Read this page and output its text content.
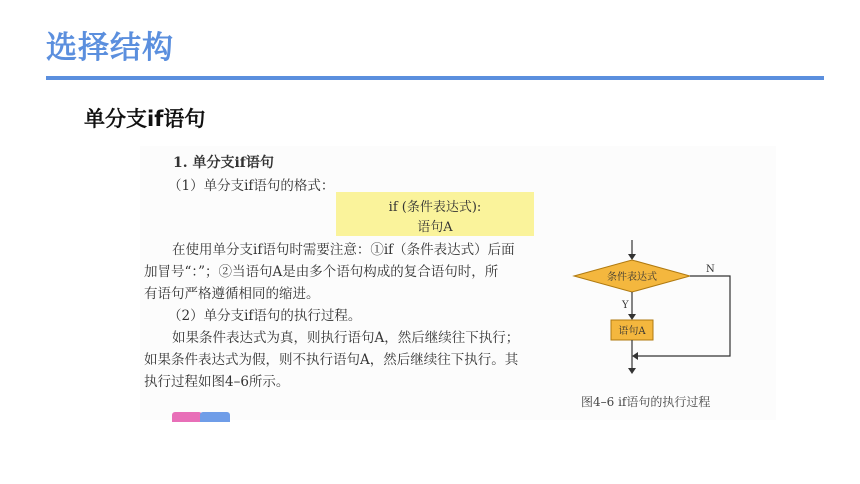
选择结构
单分支if语句
1. 单分支if语句
（1）单分支if语句的格式：
if (条件表达式):
语句A
在使用单分支if语句时需要注意：①if（条件表达式）后面
加冒号“：”；②当语句A是由多个语句构成的复合语句时，所
有语句严格遵循相同的缩进。
（2）单分支if语句的执行过程。
如果条件表达式为真，则执行语句A，然后继续往下执行；
如果条件表达式为假，则不执行语句A，然后继续往下执行。其
执行过程如图4–6所示。
条件表达式
Y
语句A
N
图4–6 if语句的执行过程
